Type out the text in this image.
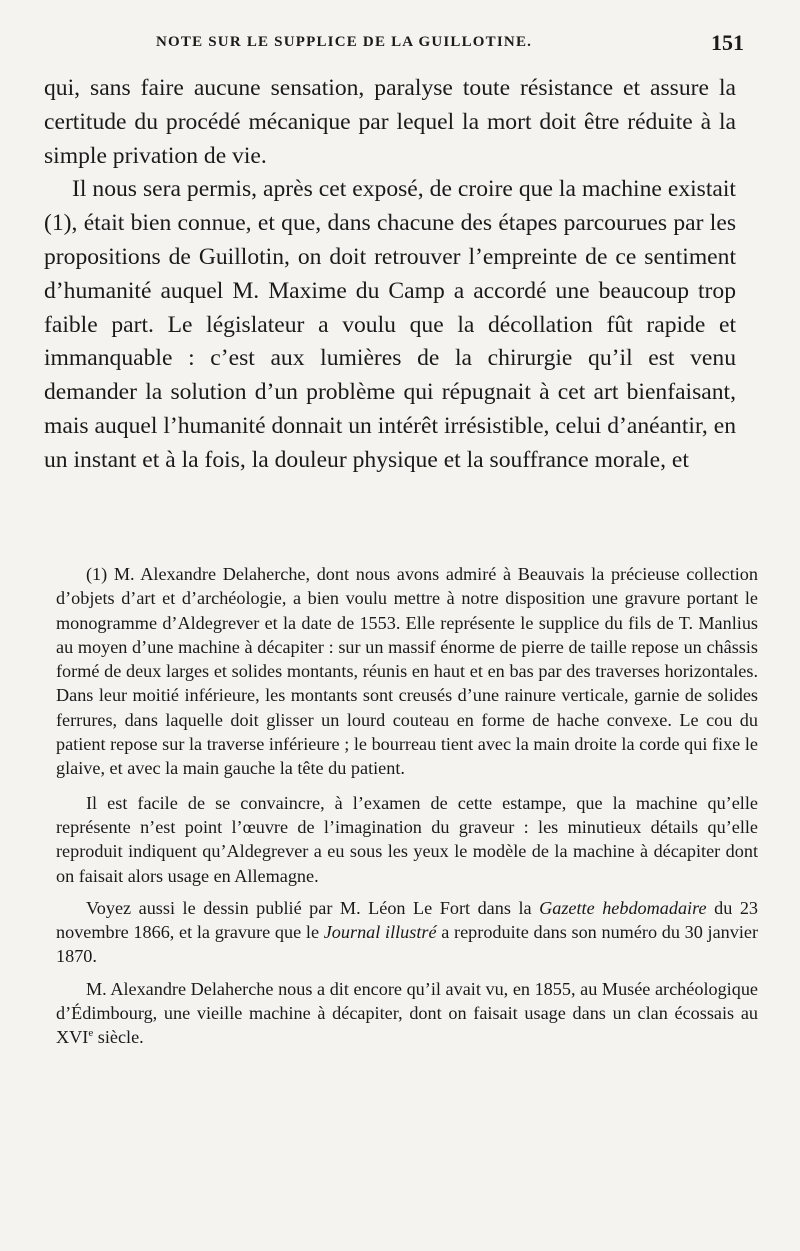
NOTE SUR LE SUPPLICE DE LA GUILLOTINE.	151

qui, sans faire aucune sensation, paralyse toute résistance et assure la certitude du procédé mécanique par lequel la mort doit être réduite à la simple privation de vie.

Il nous sera permis, après cet exposé, de croire que la machine existait (1), était bien connue, et que, dans chacune des étapes parcourues par les propositions de Guillotin, on doit retrouver l’empreinte de ce sentiment d’humanité auquel M. Maxime du Camp a accordé une beaucoup trop faible part. Le législateur a voulu que la décollation fût rapide et immanquable : c’est aux lumières de la chirurgie qu’il est venu demander la solution d’un problème qui répugnait à cet art bienfaisant, mais auquel l’humanité donnait un intérêt irrésistible, celui d’anéantir, en un instant et à la fois, la douleur physique et la souffrance morale, et

(1) M. Alexandre Delaherche, dont nous avons admiré à Beauvais la précieuse collection d’objets d’art et d’archéologie, a bien voulu mettre à notre disposition une gravure portant le monogramme d’Aldegrever et la date de 1553. Elle représente le supplice du fils de T. Manlius au moyen d’une machine à décapiter : sur un massif énorme de pierre de taille repose un châssis formé de deux larges et solides montants, réunis en haut et en bas par des traverses horizontales. Dans leur moitié inférieure, les montants sont creusés d’une rainure verticale, garnie de solides ferrures, dans laquelle doit glisser un lourd couteau en forme de hache convexe. Le cou du patient repose sur la traverse inférieure ; le bourreau tient avec la main droite la corde qui fixe le glaive, et avec la main gauche la tête du patient.

Il est facile de se convaincre, à l’examen de cette estampe, que la machine qu’elle représente n’est point l’œuvre de l’imagination du graveur : les minutieux détails qu’elle reproduit indiquent qu’Aldegrever a eu sous les yeux le modèle de la machine à décapiter dont on faisait alors usage en Allemagne.

Voyez aussi le dessin publié par M. Léon Le Fort dans la Gazette hebdomadaire du 23 novembre 1866, et la gravure que le Journal illustré a reproduite dans son numéro du 30 janvier 1870.

M. Alexandre Delaherche nous a dit encore qu’il avait vu, en 1855, au Musée archéologique d’Édimbourg, une vieille machine à décapiter, dont on faisait usage dans un clan écossais au XVIe siècle.
